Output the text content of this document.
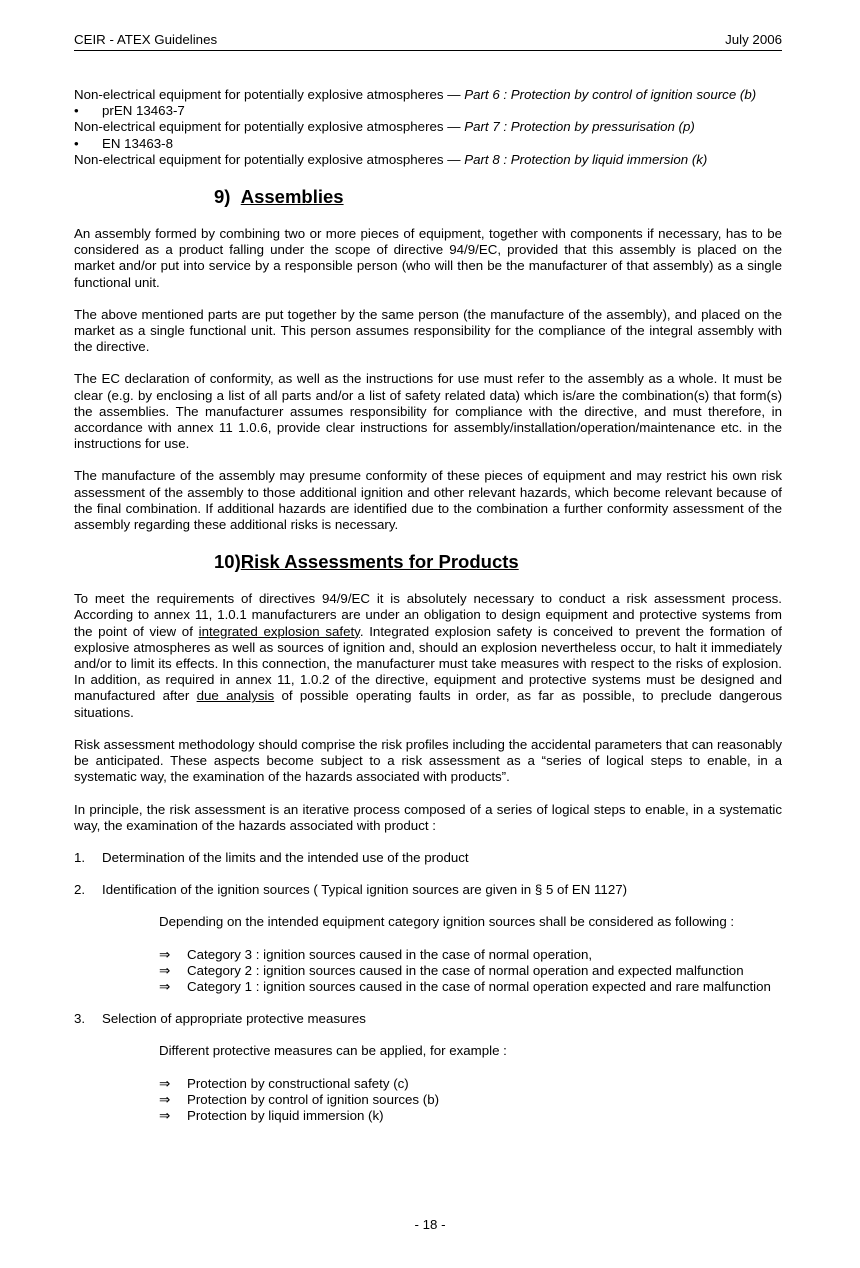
CEIR - ATEX Guidelines	July 2006

Non-electrical equipment for potentially explosive atmospheres — Part 6 : Protection by control of ignition source (b)

• prEN 13463-7

Non-electrical equipment for potentially explosive atmospheres — Part 7 : Protection by pressurisation (p)

• EN 13463-8

Non-electrical equipment for potentially explosive atmospheres — Part 8 : Protection by liquid immersion (k)

9) Assemblies

An assembly formed by combining two or more pieces of equipment, together with components if necessary, has to be considered as a product falling under the scope of directive 94/9/EC, provided that this assembly is placed on the market and/or put into service by a responsible person (who will then be the manufacturer of that assembly) as a single functional unit.

The above mentioned parts are put together by the same person (the manufacture of the assembly), and placed on the market as a single functional unit. This person assumes responsibility for the compliance of the integral assembly with the directive.

The EC declaration of conformity, as well as the instructions for use must refer to the assembly as a whole. It must be clear (e.g. by enclosing a list of all parts and/or a list of safety related data) which is/are the combination(s) that form(s) the assemblies. The manufacturer assumes responsibility for compliance with the directive, and must therefore, in accordance with annex 11 1.0.6, provide clear instructions for assembly/installation/operation/maintenance etc. in the instructions for use.

The manufacture of the assembly may presume conformity of these pieces of equipment and may restrict his own risk assessment of the assembly to those additional ignition and other relevant hazards, which become relevant because of the final combination. If additional hazards are identified due to the combination a further conformity assessment of the assembly regarding these additional risks is necessary.

10)Risk Assessments for Products

To meet the requirements of directives 94/9/EC it is absolutely necessary to conduct a risk assessment process. According to annex 11, 1.0.1 manufacturers are under an obligation to design equipment and protective systems from the point of view of integrated explosion safety. Integrated explosion safety is conceived to prevent the formation of explosive atmospheres as well as sources of ignition and, should an explosion nevertheless occur, to halt it immediately and/or to limit its effects. In this connection, the manufacturer must take measures with respect to the risks of explosion. In addition, as required in annex 11, 1.0.2 of the directive, equipment and protective systems must be designed and manufactured after due analysis of possible operating faults in order, as far as possible, to preclude dangerous situations.

Risk assessment methodology should comprise the risk profiles including the accidental parameters that can reasonably be anticipated. These aspects become subject to a risk assessment as a “series of logical steps to enable, in a systematic way, the examination of the hazards associated with products”.

In principle, the risk assessment is an iterative process composed of a series of logical steps to enable, in a systematic way, the examination of the hazards associated with product :

1. Determination of the limits and the intended use of the product
2. Identification of the ignition sources ( Typical ignition sources are given in § 5 of EN 1127)

Depending on the intended equipment category ignition sources shall be considered as following :

⇒ Category 3 : ignition sources caused in the case of normal operation,
⇒ Category 2 : ignition sources caused in the case of normal operation and expected malfunction
⇒ Category 1 : ignition sources caused in the case of normal operation expected and rare malfunction
3. Selection of appropriate protective measures

Different protective measures can be applied, for example :

⇒ Protection by constructional safety (c)
⇒ Protection by control of ignition sources (b)
⇒ Protection by liquid immersion (k)
- 18 -
